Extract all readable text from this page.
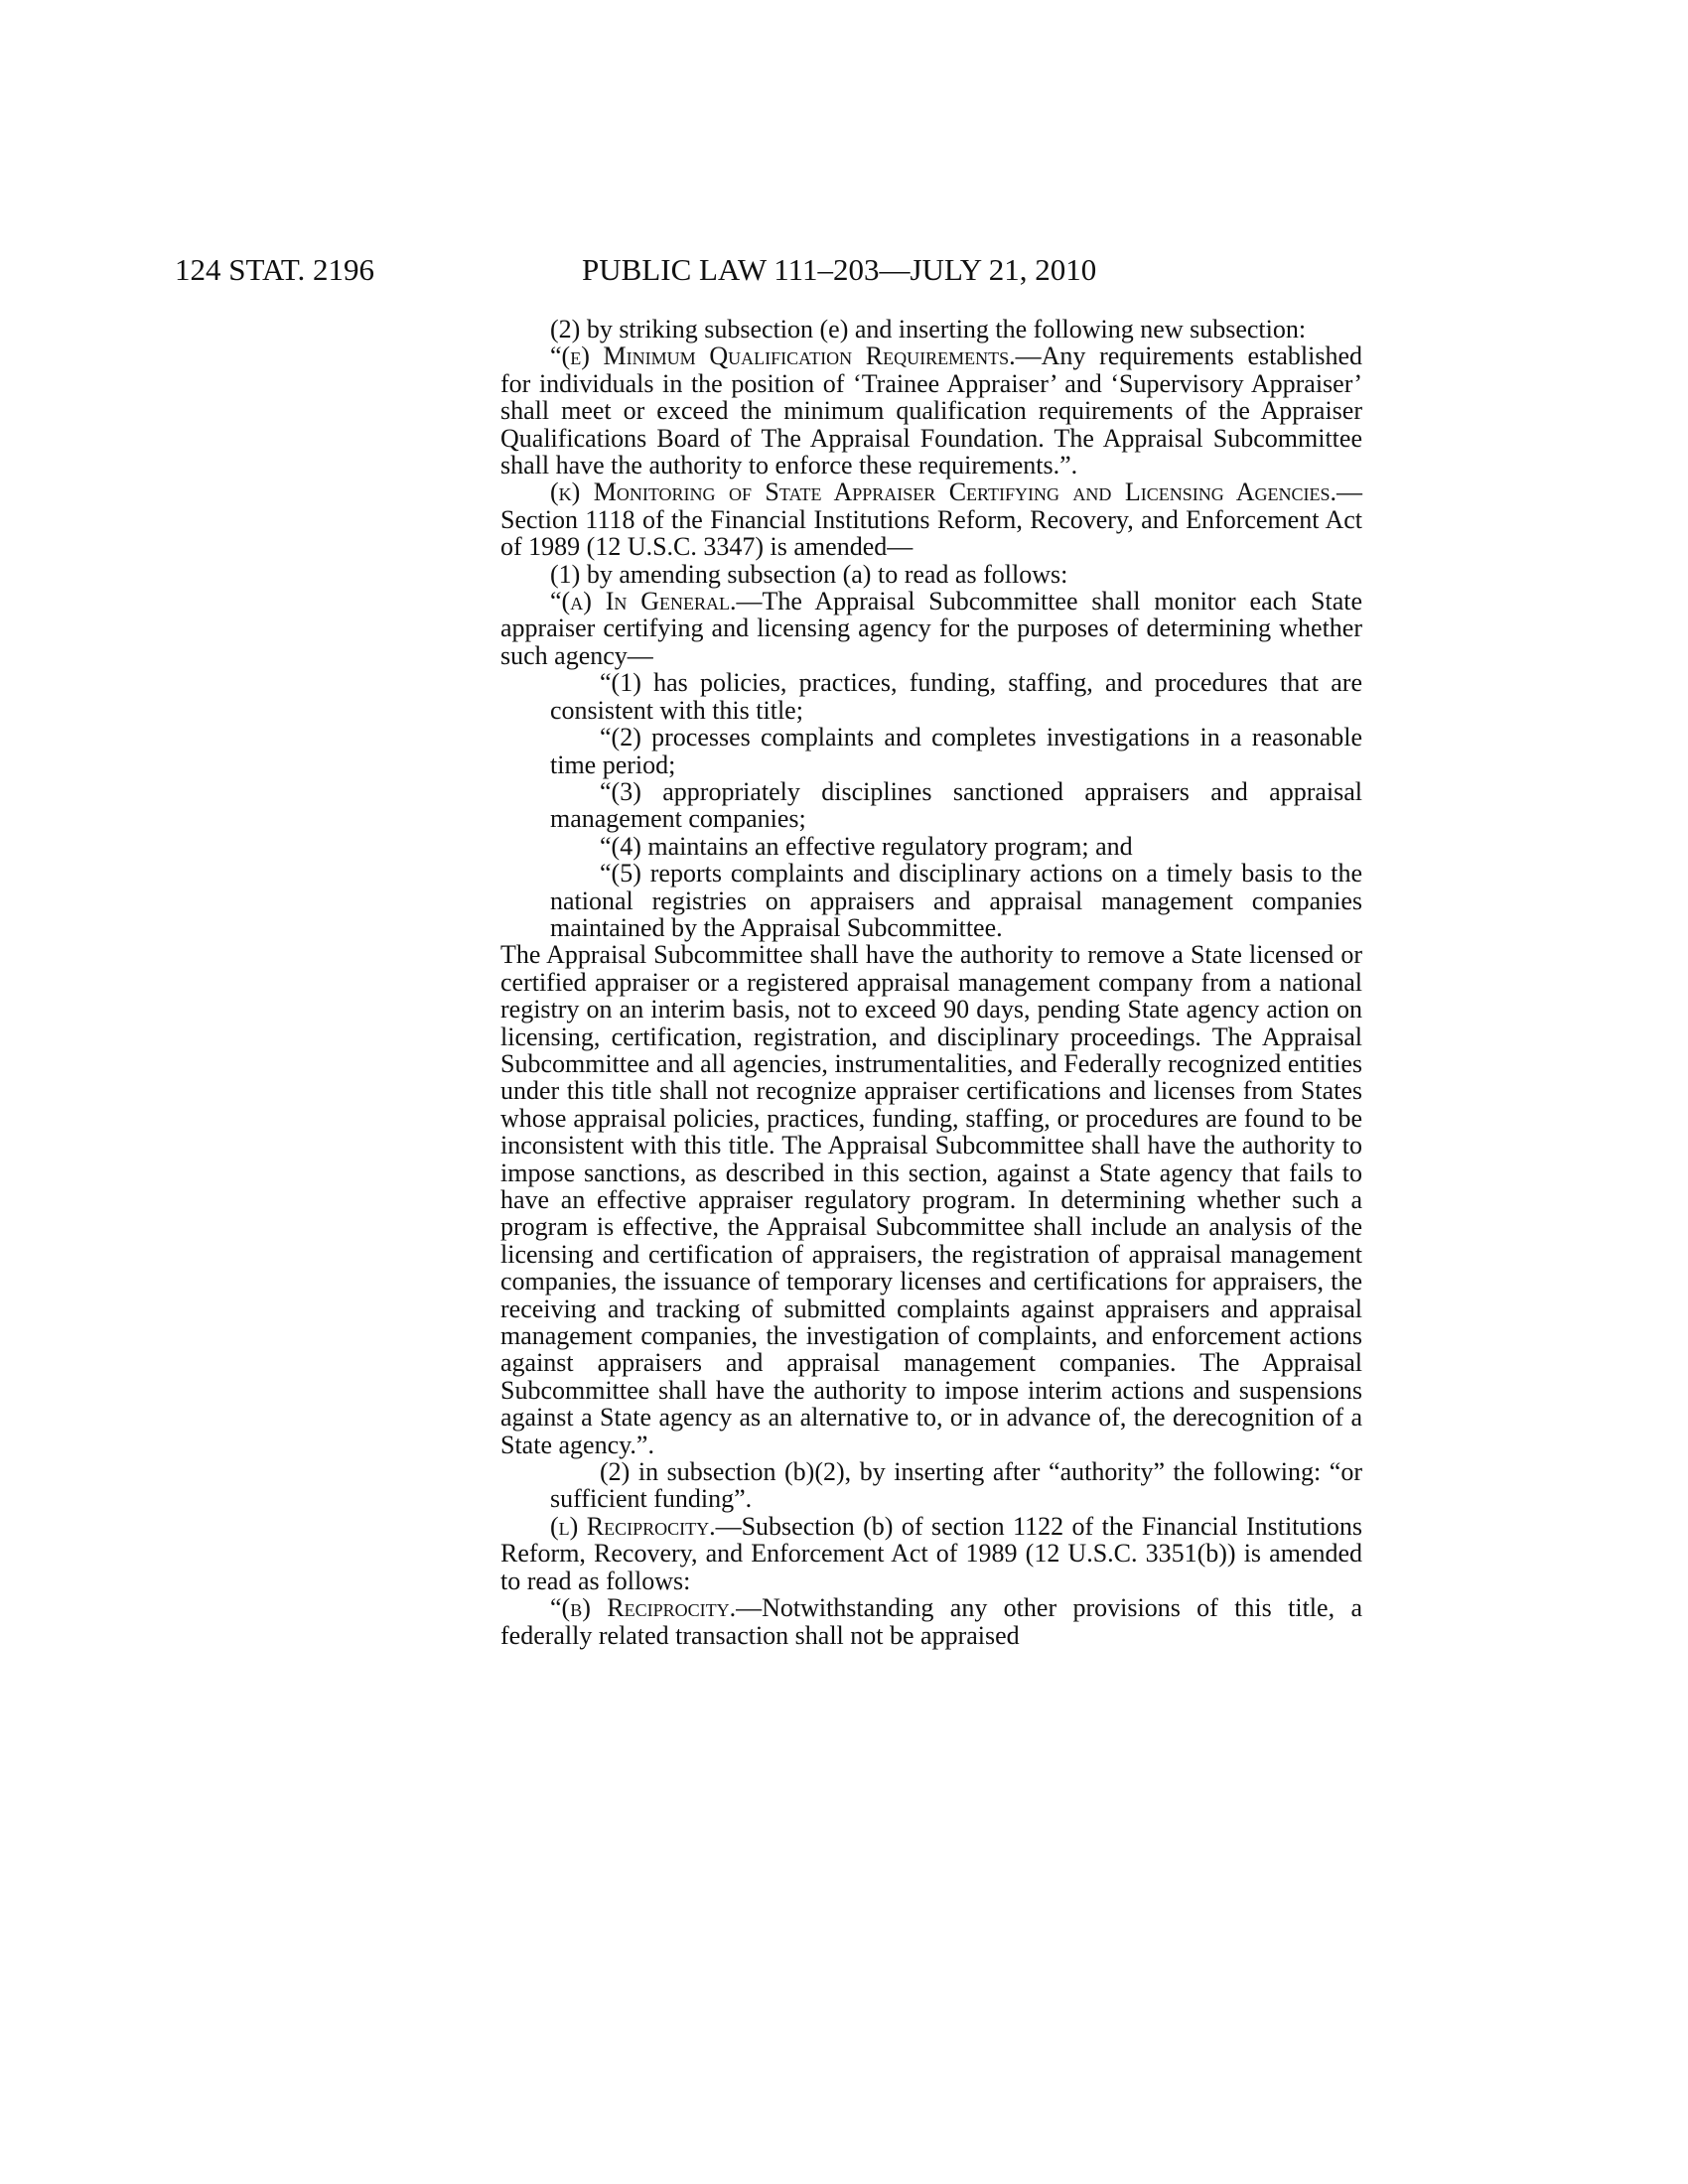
124 STAT. 2196	PUBLIC LAW 111–203—JULY 21, 2010

(2) by striking subsection (e) and inserting the following new subsection:

“(e) Minimum Qualification Requirements.—Any requirements established for individuals in the position of ‘Trainee Appraiser’ and ‘Supervisory Appraiser’ shall meet or exceed the minimum qualification requirements of the Appraiser Qualifications Board of The Appraisal Foundation. The Appraisal Subcommittee shall have the authority to enforce these requirements.”.

(k) Monitoring of State Appraiser Certifying and Licensing Agencies.—Section 1118 of the Financial Institutions Reform, Recovery, and Enforcement Act of 1989 (12 U.S.C. 3347) is amended—

(1) by amending subsection (a) to read as follows:

“(a) In General.—The Appraisal Subcommittee shall monitor each State appraiser certifying and licensing agency for the purposes of determining whether such agency—

“(1) has policies, practices, funding, staffing, and procedures that are consistent with this title;

“(2) processes complaints and completes investigations in a reasonable time period;

“(3) appropriately disciplines sanctioned appraisers and appraisal management companies;

“(4) maintains an effective regulatory program; and

“(5) reports complaints and disciplinary actions on a timely basis to the national registries on appraisers and appraisal management companies maintained by the Appraisal Subcommittee.

The Appraisal Subcommittee shall have the authority to remove a State licensed or certified appraiser or a registered appraisal management company from a national registry on an interim basis, not to exceed 90 days, pending State agency action on licensing, certification, registration, and disciplinary proceedings. The Appraisal Subcommittee and all agencies, instrumentalities, and Federally recognized entities under this title shall not recognize appraiser certifications and licenses from States whose appraisal policies, practices, funding, staffing, or procedures are found to be inconsistent with this title. The Appraisal Subcommittee shall have the authority to impose sanctions, as described in this section, against a State agency that fails to have an effective appraiser regulatory program. In determining whether such a program is effective, the Appraisal Subcommittee shall include an analysis of the licensing and certification of appraisers, the registration of appraisal management companies, the issuance of temporary licenses and certifications for appraisers, the receiving and tracking of submitted complaints against appraisers and appraisal management companies, the investigation of complaints, and enforcement actions against appraisers and appraisal management companies. The Appraisal Subcommittee shall have the authority to impose interim actions and suspensions against a State agency as an alternative to, or in advance of, the derecognition of a State agency.”.

(2) in subsection (b)(2), by inserting after “authority” the following: “or sufficient funding”.

(l) Reciprocity.—Subsection (b) of section 1122 of the Financial Institutions Reform, Recovery, and Enforcement Act of 1989 (12 U.S.C. 3351(b)) is amended to read as follows:

“(b) Reciprocity.—Notwithstanding any other provisions of this title, a federally related transaction shall not be appraised
